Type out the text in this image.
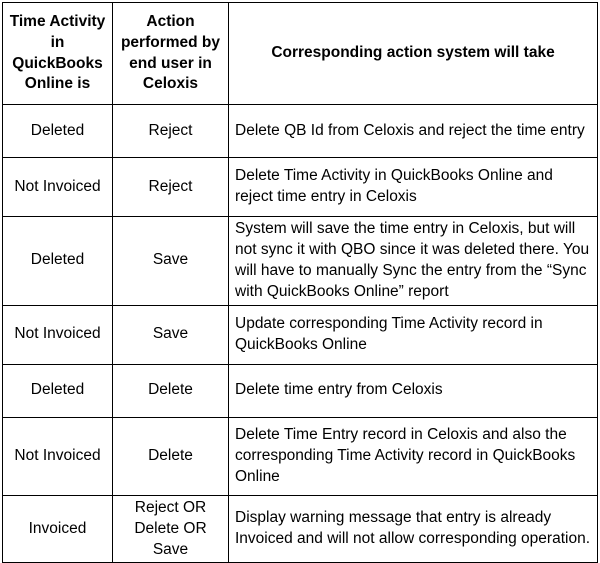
Time Activity in QuickBooks Online is	Action performed by end user in Celoxis	Corresponding action system will take
Deleted	Reject	Delete QB Id from Celoxis and reject the time entry
Not Invoiced	Reject	Delete Time Activity in QuickBooks Online and reject time entry in Celoxis
Deleted	Save	System will save the time entry in Celoxis, but will not sync it with QBO since it was deleted there. You will have to manually Sync the entry from the “Sync with QuickBooks Online” report
Not Invoiced	Save	Update corresponding Time Activity record in QuickBooks Online
Deleted	Delete	Delete time entry from Celoxis
Not Invoiced	Delete	Delete Time Entry record in Celoxis and also the corresponding Time Activity record in QuickBooks Online
Invoiced	Reject OR Delete OR Save	Display warning message that entry is already Invoiced and will not allow corresponding operation.
